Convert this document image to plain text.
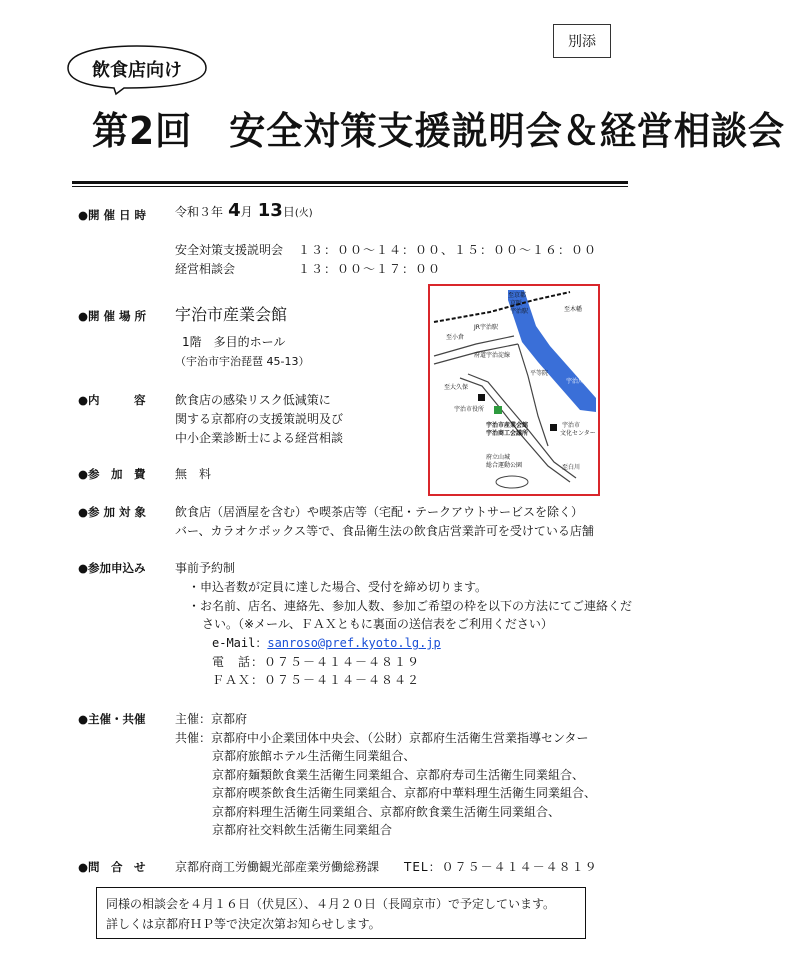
別添
飲食店向け
第2回　安全対策支援説明会＆経営相談会
●開 催 日 時 令和３年 4月 13日(火)
安全対策支援説明会 １３：００～１４：００、１５：００～１６：００
経営相談会	１３：００～１７：００
●開 催 場 所 宇治市産業会館
1階　多目的ホール
（宇治市宇治琵琶 45-13）
至京都
京阪
宇治駅	至木幡
至小倉
JR宇治駅
府道宇治淀線
平等院
宇治川
至大久保
宇治市役所
宇治市産業会館
宇治商工会議所
宇治市
文化センター
府立山城
総合運動公園	至白川
●内　　　容 飲食店の感染リスク低減策に
関する京都府の支援策説明及び
中小企業診断士による経営相談
●参　加　費 無　料
●参 加 対 象 飲食店（居酒屋を含む）や喫茶店等（宅配・テークアウトサービスを除く）
バー、カラオケボックス等で、食品衛生法の飲食店営業許可を受けている店舗
●参加申込み 事前予約制
・申込者数が定員に達した場合、受付を締め切ります。
・お名前、店名、連絡先、参加人数、参加ご希望の枠を以下の方法にてご連絡くだ
さい。（※メール、ＦＡＸともに裏面の送信表をご利用ください）
e-Mail：sanroso@pref.kyoto.lg.jp
電　話：０７５－４１４－４８１９
ＦＡＸ：０７５－４１４－４８４２
●主催・共催 主催：京都府
共催：京都府中小企業団体中央会、（公財）京都府生活衛生営業指導センター
京都府旅館ホテル生活衛生同業組合、
京都府麺類飲食業生活衛生同業組合、京都府寿司生活衛生同業組合、
京都府喫茶飲食生活衛生同業組合、京都府中華料理生活衛生同業組合、
京都府料理生活衛生同業組合、京都府飲食業生活衛生同業組合、
京都府社交料飲生活衛生同業組合
●問　合　せ 京都府商工労働観光部産業労働総務課 TEL：０７５－４１４－４８１９
同様の相談会を４月１６日（伏見区）、４月２０日（長岡京市）で予定しています。
詳しくは京都府ＨＰ等で決定次第お知らせします。
